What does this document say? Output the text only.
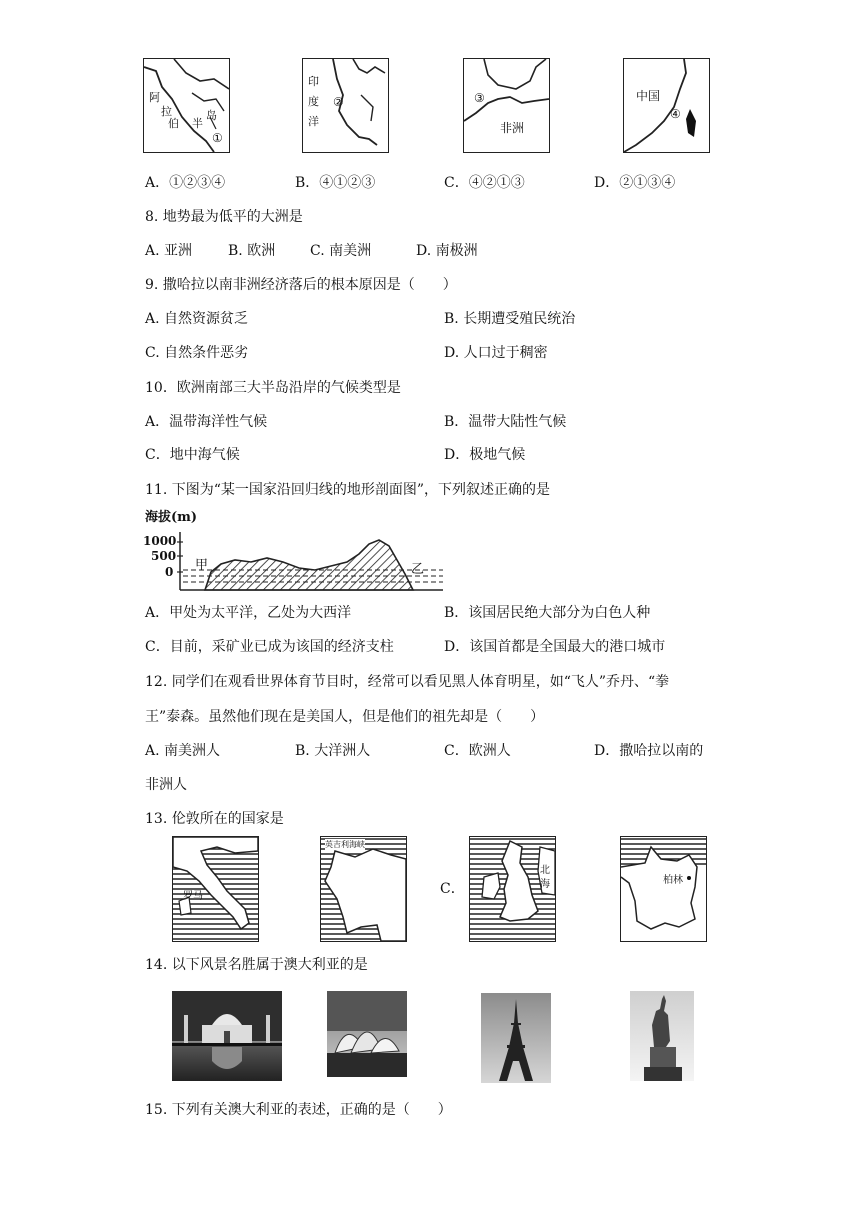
阿
拉
伯 半
岛
①
印
度
洋
②	③
非洲
中国
④
A．①②③④	B．④①②③	C．④②①③	D．②①③④
8. 地势最为低平的大洲是
A. 亚洲	B. 欧洲 C. 南美洲	D. 南极洲
9. 撒哈拉以南非洲经济落后的根本原因是（　　）
A. 自然资源贫乏	B. 长期遭受殖民统治
C. 自然条件恶劣	D. 人口过于稠密
10．欧洲南部三大半岛沿岸的气候类型是
A．温带海洋性气候	B．温带大陆性气候
C．地中海气候	D．极地气候
11. 下图为“某一国家沿回归线的地形剖面图”，下列叙述正确的是
海拔(m)
1000
500
0 甲	乙
A．甲处为太平洋，乙处为大西洋	B．该国居民绝大部分为白色人种
C．目前，采矿业已成为该国的经济支柱	D．该国首都是全国最大的港口城市
12. 同学们在观看世界体育节目时，经常可以看见黑人体育明星，如“飞人”乔丹、“拳
王”泰森。虽然他们现在是美国人，但是他们的祖先却是（　　）
A. 南美洲人	B. 大洋洲人	C．欧洲人	D．撒哈拉以南的
非洲人
13. 伦敦所在的国家是
罗马
英吉利海峡
C．
北
海	柏林
14. 以下风景名胜属于澳大利亚的是
15. 下列有关澳大利亚的表述，正确的是（　　）
